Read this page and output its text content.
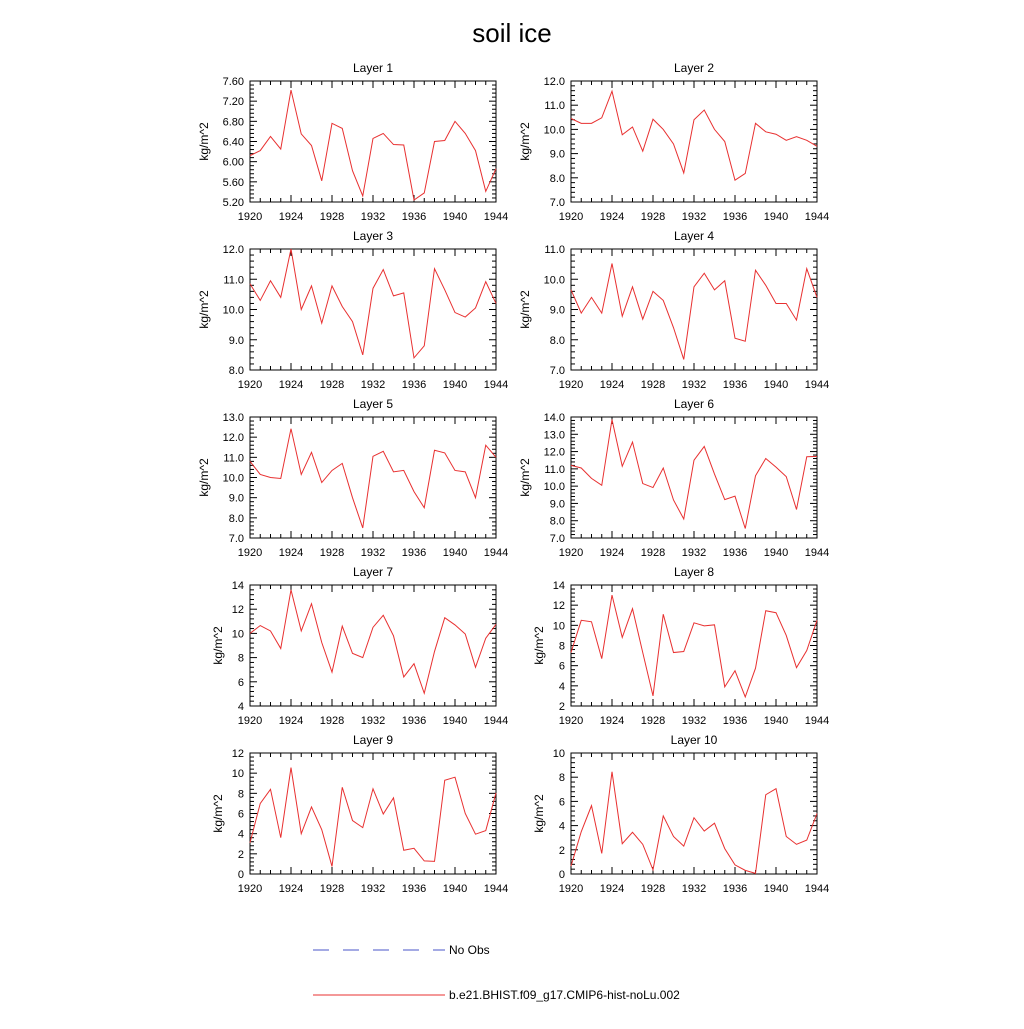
soil ice
Layer 1
1920 1924 1928 1932 1936 1940 1944
5.20
5.60
6.00
6.40
6.80
7.20
7.60
kg/m^2
Layer 2
1920 1924 1928 1932 1936 1940 1944
7.0
8.0
9.0
10.0
11.0
12.0
kg/m^2
Layer 3
1920 1924 1928 1932 1936 1940 1944
8.0
9.0
10.0
11.0
12.0
kg/m^2
Layer 4
1920 1924 1928 1932 1936 1940 1944
7.0
8.0
9.0
10.0
11.0
kg/m^2
Layer 5
1920 1924 1928 1932 1936 1940 1944
7.0
8.0
9.0
10.0
11.0
12.0
13.0
kg/m^2
Layer 6
1920 1924 1928 1932 1936 1940 1944
7.0
8.0
9.0
10.0
11.0
12.0
13.0
14.0
kg/m^2
Layer 7
1920 1924 1928 1932 1936 1940 1944
4
6
8
10
12
14
kg/m^2
Layer 8
1920 1924 1928 1932 1936 1940 1944
2
4
6
8
10
12
14
kg/m^2
Layer 9
1920 1924 1928 1932 1936 1940 1944
0
2
4
6
8
10
12
kg/m^2
Layer 10
1920 1924 1928 1932 1936 1940 1944
0
2
4
6
8
10
kg/m^2
No Obs
b.e21.BHIST.f09_g17.CMIP6-hist-noLu.002
